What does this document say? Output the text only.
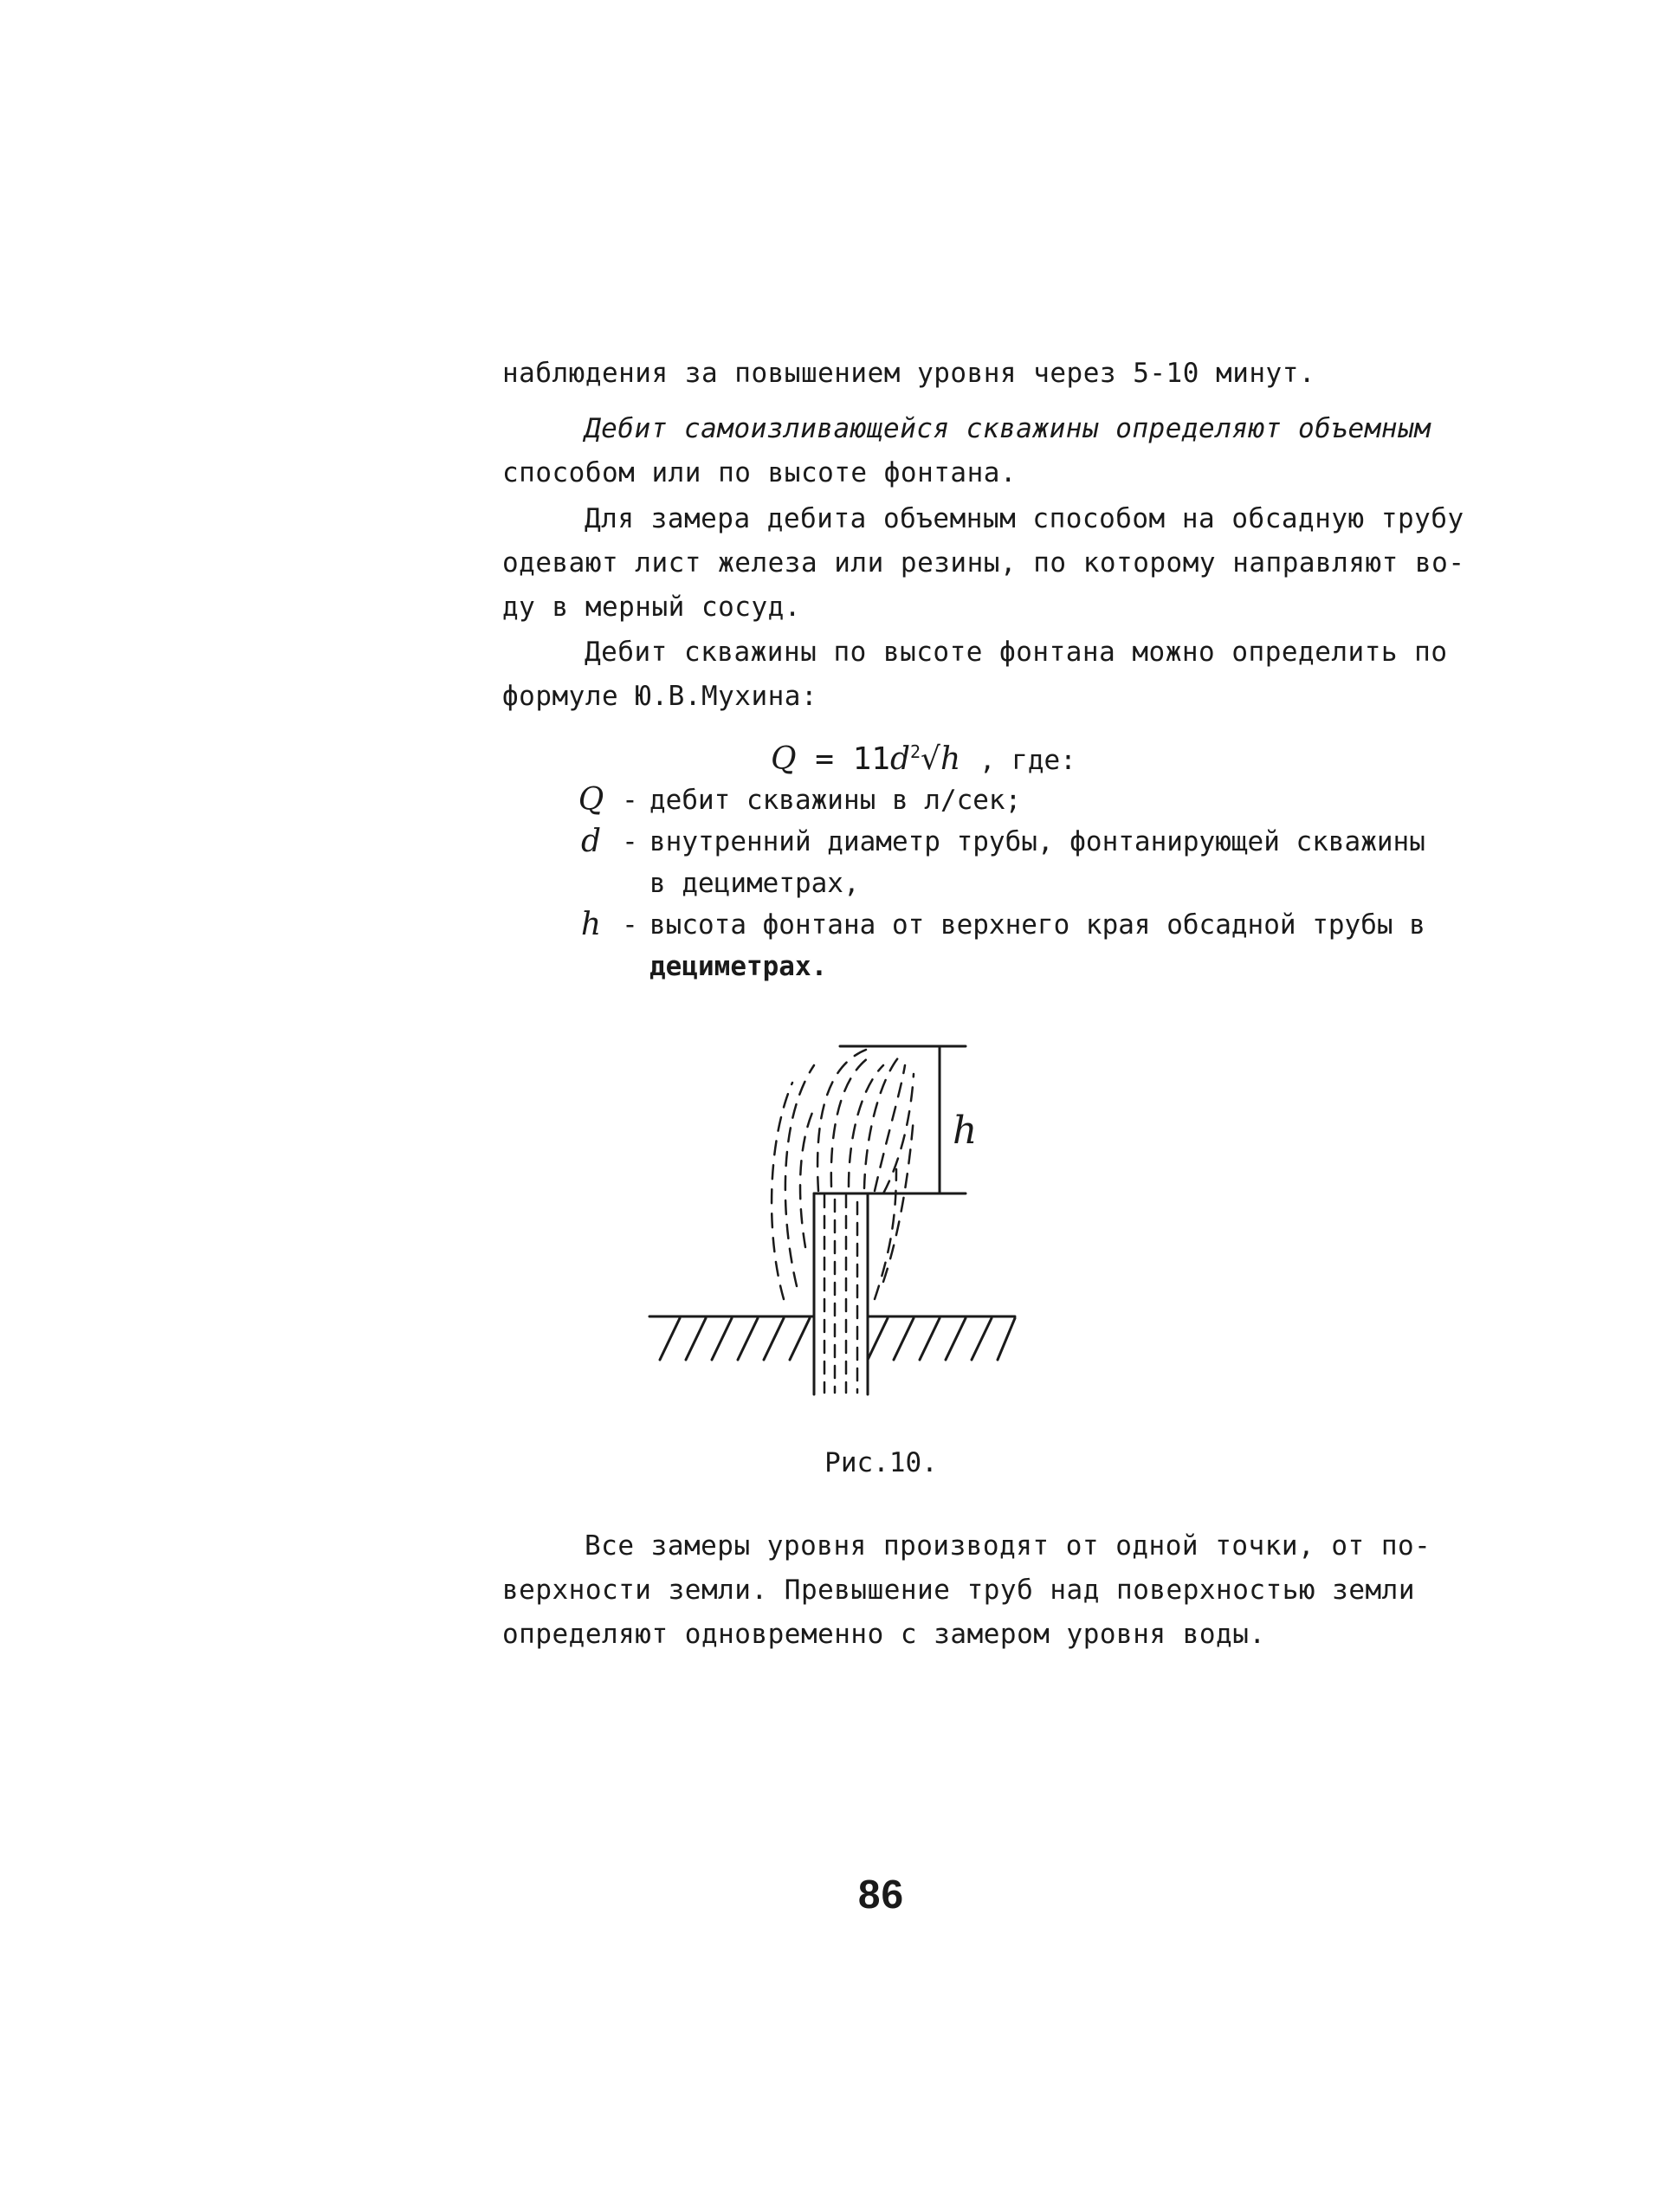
наблюдения за повышением уровня через 5-10 минут.
Дебит самоизливающейся скважины определяют объемным
способом или по высоте фонтана.
Для замера дебита объемным способом на обсадную трубу
одевают лист железа или резины, по которому направляют во-
ду в мерный сосуд.
Дебит скважины по высоте фонтана можно определить по
формуле Ю.В.Мухина:
$Q = 11d^2√h$ , где:
Q - дебит скважины в л/сек;
d - внутренний диаметр трубы, фонтанирующей скважины
в дециметрах,
h - высота фонтана от верхнего края обсадной трубы в
дециметрах.
h
Рис.10.
Все замеры уровня производят от одной точки, от по-
верхности земли. Превышение труб над поверхностью земли
определяют одновременно с замером уровня воды.
86
